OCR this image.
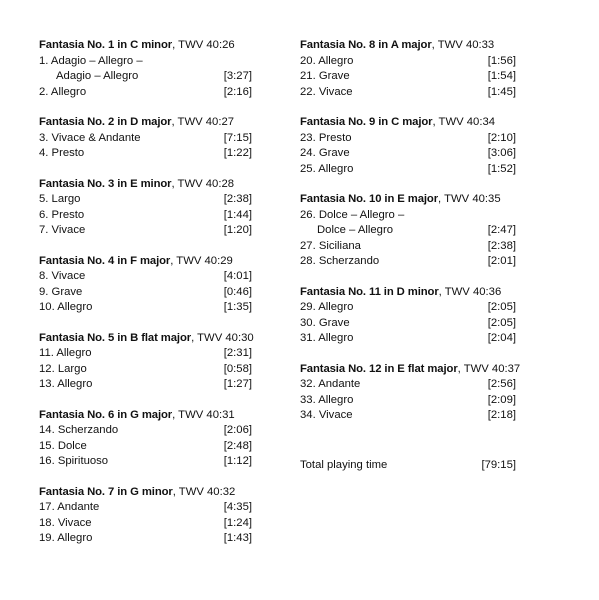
Fantasia No. 1 in C minor, TWV 40:26
1. Adagio – Allegro –
Adagio – Allegro	[3:27]
2. Allegro	[2:16]
Fantasia No. 2 in D major, TWV 40:27
3. Vivace & Andante	[7:15]
4. Presto	[1:22]
Fantasia No. 3 in E minor, TWV 40:28
5. Largo	[2:38]
6. Presto	[1:44]
7. Vivace	[1:20]
Fantasia No. 4 in F major, TWV 40:29
8. Vivace	[4:01]
9. Grave	[0:46]
10. Allegro	[1:35]
Fantasia No. 5 in B flat major, TWV 40:30
11. Allegro	[2:31]
12. Largo	[0:58]
13. Allegro	[1:27]
Fantasia No. 6 in G major, TWV 40:31
14. Scherzando	[2:06]
15. Dolce	[2:48]
16. Spirituoso	[1:12]
Fantasia No. 7 in G minor, TWV 40:32
17. Andante	[4:35]
18. Vivace	[1:24]
19. Allegro	[1:43]
Fantasia No. 8 in A major, TWV 40:33
20. Allegro	[1:56]
21. Grave	[1:54]
22. Vivace	[1:45]
Fantasia No. 9 in C major, TWV 40:34
23. Presto	[2:10]
24. Grave	[3:06]
25. Allegro	[1:52]
Fantasia No. 10 in E major, TWV 40:35
26. Dolce – Allegro –
Dolce – Allegro	[2:47]
27. Siciliana	[2:38]
28. Scherzando	[2:01]
Fantasia No. 11 in D minor, TWV 40:36
29. Allegro	[2:05]
30. Grave	[2:05]
31. Allegro	[2:04]
Fantasia No. 12 in E flat major, TWV 40:37
32. Andante	[2:56]
33. Allegro	[2:09]
34. Vivace	[2:18]
Total playing time	[79:15]
